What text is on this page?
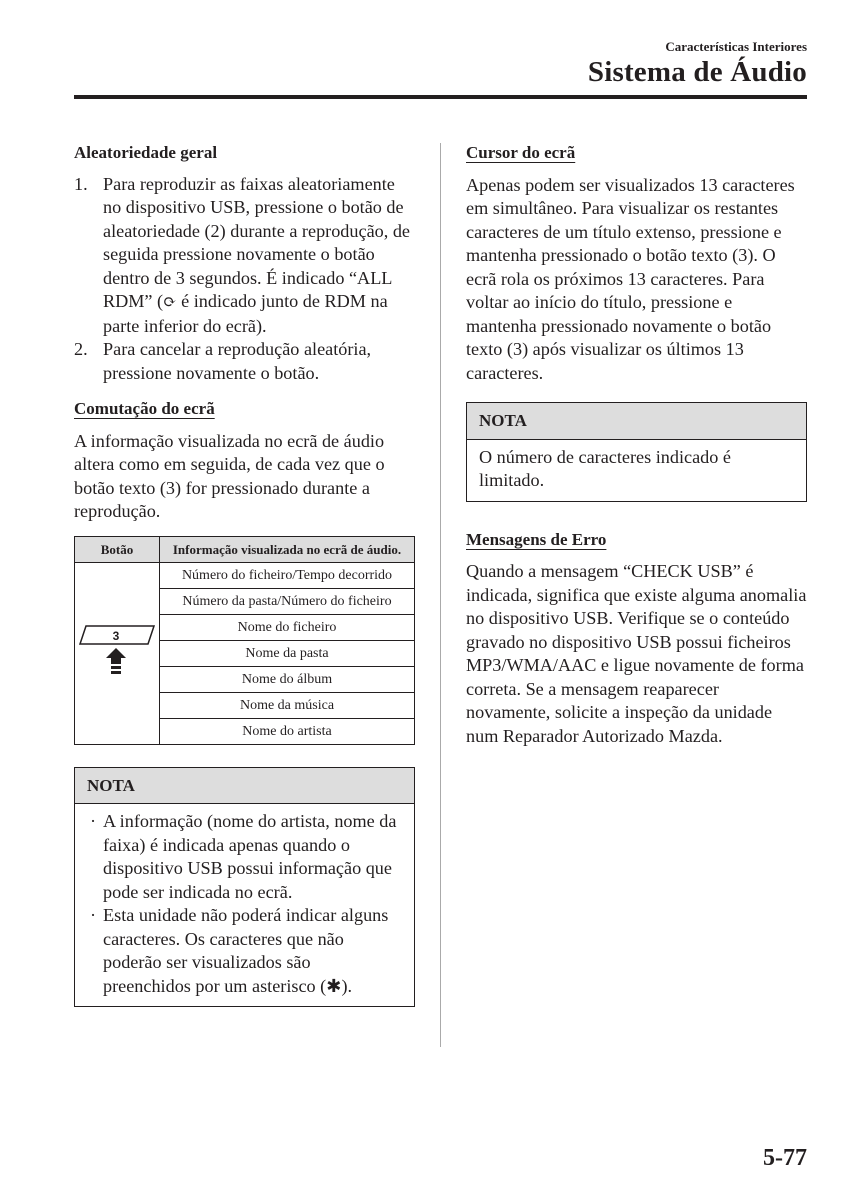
Características Interiores
Sistema de Áudio
Aleatoriedade geral
1. Para reproduzir as faixas aleatoriamente no dispositivo USB, pressione o botão de aleatoriedade (2) durante a reprodução, de seguida pressione novamente o botão dentro de 3 segundos. É indicado “ALL RDM” (⟳ é indicado junto de RDM na parte inferior do ecrã).
2. Para cancelar a reprodução aleatória, pressione novamente o botão.
Comutação do ecrã
A informação visualizada no ecrã de áudio altera como em seguida, de cada vez que o botão texto (3) for pressionado durante a reprodução.
Botão	Informação visualizada no ecrã de áudio.

3	Número do ficheiro/Tempo decorrido
	Número da pasta/Número do ficheiro
	Nome do ficheiro
	Nome da pasta
	Nome do álbum
	Nome da música
	Nome do artista
NOTA
· A informação (nome do artista, nome da faixa) é indicada apenas quando o dispositivo USB possui informação que pode ser indicada no ecrã.
· Esta unidade não poderá indicar alguns caracteres. Os caracteres que não poderão ser visualizados são preenchidos por um asterisco (✱).
Cursor do ecrã
Apenas podem ser visualizados 13 caracteres em simultâneo. Para visualizar os restantes caracteres de um título extenso, pressione e mantenha pressionado o botão texto (3). O ecrã rola os próximos 13 caracteres. Para voltar ao início do título, pressione e mantenha pressionado novamente o botão texto (3) após visualizar os últimos 13 caracteres.
NOTA
O número de caracteres indicado é limitado.
Mensagens de Erro
Quando a mensagem “CHECK USB” é indicada, significa que existe alguma anomalia no dispositivo USB. Verifique se o conteúdo gravado no dispositivo USB possui ficheiros MP3/WMA/AAC e ligue novamente de forma correta. Se a mensagem reaparecer novamente, solicite a inspeção da unidade num Reparador Autorizado Mazda.
5-77
